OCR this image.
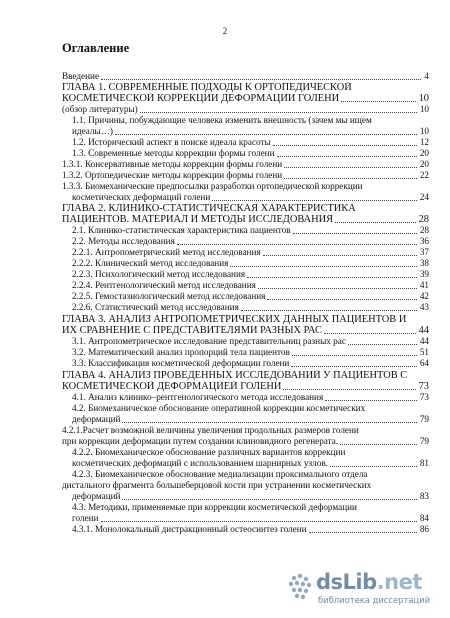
2
Оглавление
Введение	4
ГЛАВА 1. СОВРЕМЕННЫЕ ПОДХОДЫ К ОРТОПЕДИЧЕСКОЙ
КОСМЕТИЧЕСКОЙ КОРРЕКЦИИ ДЕФОРМАЦИИ ГОЛЕНИ	10
(обзор литературы)	10
1.1. Причины, побуждающие человека изменить внешность (зачем мы ищем
идеалы…)	10
1.2. Исторический аспект в поиске идеала красоты	12
1.3. Современные методы коррекции формы голени	20
1.3.1. Консервативные методы коррекции формы голени	20
1.3.2. Ортопедические методы коррекции формы голени	22
1.3.3. Биомеханические предпосылки разработки ортопедической коррекции
косметических деформаций голени	24
ГЛАВА 2. КЛИНИКО-СТАТИСТИЧЕСКАЯ ХАРАКТЕРИСТИКА
ПАЦИЕНТОВ. МАТЕРИАЛ И МЕТОДЫ ИССЛЕДОВАНИЯ	28
2.1. Клинико-статистическая характеристика пациентов	28
2.2. Методы исследования	36
2.2.1. Антропометрический метод исследования	37
2.2.2. Клинический метод исследования	38
2.2.3. Психологический метод исследования	39
2.2.4. Рентгенологический метод исследования	41
2.2.5. Гемостазиологический метод исследования	42
2.2.6. Статистический метод исследования	43
ГЛАВА 3. АНАЛИЗ АНТРОПОМЕТРИЧЕСКИХ ДАННЫХ ПАЦИЕНТОВ И
ИХ СРАВНЕНИЕ С ПРЕДСТАВИТЕЛЯМИ РАЗНЫХ РАС	44
3.1. Антропометрическое исследование представительниц разных рас	44
3.2. Математический анализ пропорций тела пациентов	51
3.3. Классификация косметической деформации голени	64
ГЛАВА 4. АНАЛИЗ ПРОВЕДЕННЫХ ИССЛЕДОВАНИЙ У ПАЦИЕНТОВ С
КОСМЕТИЧЕСКОЙ ДЕФОРМАЦИЕЙ ГОЛЕНИ	73
4.1. Анализ клинико–рентгенологического метода исследования	73
4.2. Биомеханическое обоснование оперативной коррекции косметических
деформаций	79
4.2.1.Расчет возможной величины увеличения продольных размеров голени
при коррекции деформации путем создании клиновидного регенерата.	79
4.2.2. Биомеханическое обоснование различных вариантов коррекции
косметических деформаций с использованием шарнирных узлов.	81
4.2.3. Биомеханическое обоснование медиализации проксимального отдела
дистального фрагмента большеберцовой кости при устранении косметических
деформаций	83
4.3. Методики, применяемые при коррекции косметической деформации
голени	84
4.3.1. Монолокальный дистракционный остеосинтез голени	86
dsLib.net
библиотека диссертаций
